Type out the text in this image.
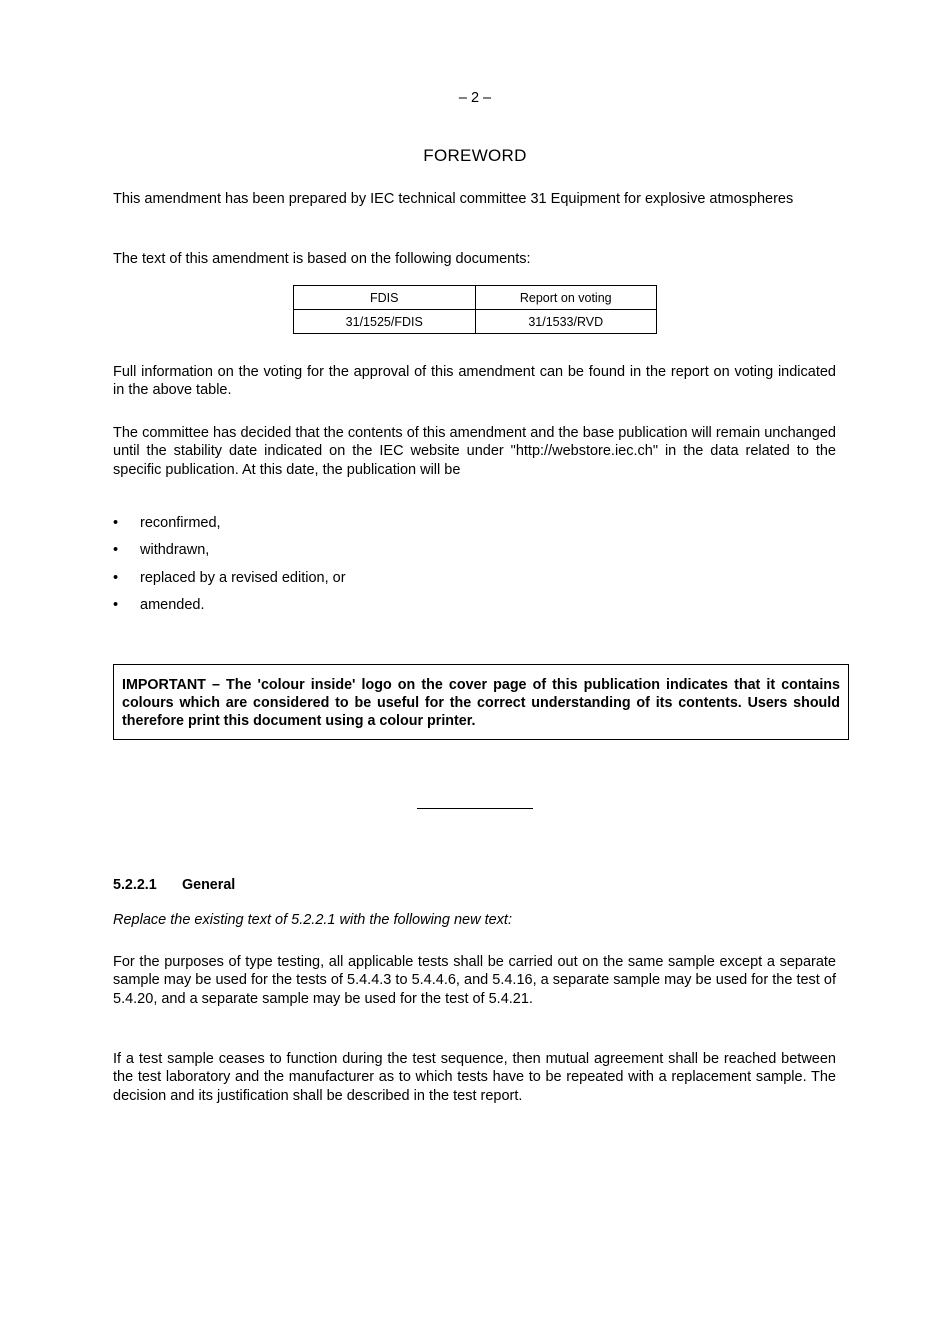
– 2 –
FOREWORD
This amendment has been prepared by IEC technical committee 31 Equipment for explosive atmospheres
The text of this amendment is based on the following documents:
FDIS	Report on voting
31/1525/FDIS	31/1533/RVD
Full information on the voting for the approval of this amendment can be found in the report on voting indicated in the above table.
The committee has decided that the contents of this amendment and the base publication will remain unchanged until the stability date indicated on the IEC website under "http://webstore.iec.ch" in the data related to the specific publication. At this date, the publication will be
• reconfirmed,
• withdrawn,
• replaced by a revised edition, or
• amended.
IMPORTANT – The 'colour inside' logo on the cover page of this publication indicates that it contains colours which are considered to be useful for the correct understanding of its contents. Users should therefore print this document using a colour printer.
5.2.2.1 General
Replace the existing text of 5.2.2.1 with the following new text:
For the purposes of type testing, all applicable tests shall be carried out on the same sample except a separate sample may be used for the tests of 5.4.4.3 to 5.4.4.6, and 5.4.16, a separate sample may be used for the test of 5.4.20, and a separate sample may be used for the test of 5.4.21.
If a test sample ceases to function during the test sequence, then mutual agreement shall be reached between the test laboratory and the manufacturer as to which tests have to be repeated with a replacement sample. The decision and its justification shall be described in the test report.
